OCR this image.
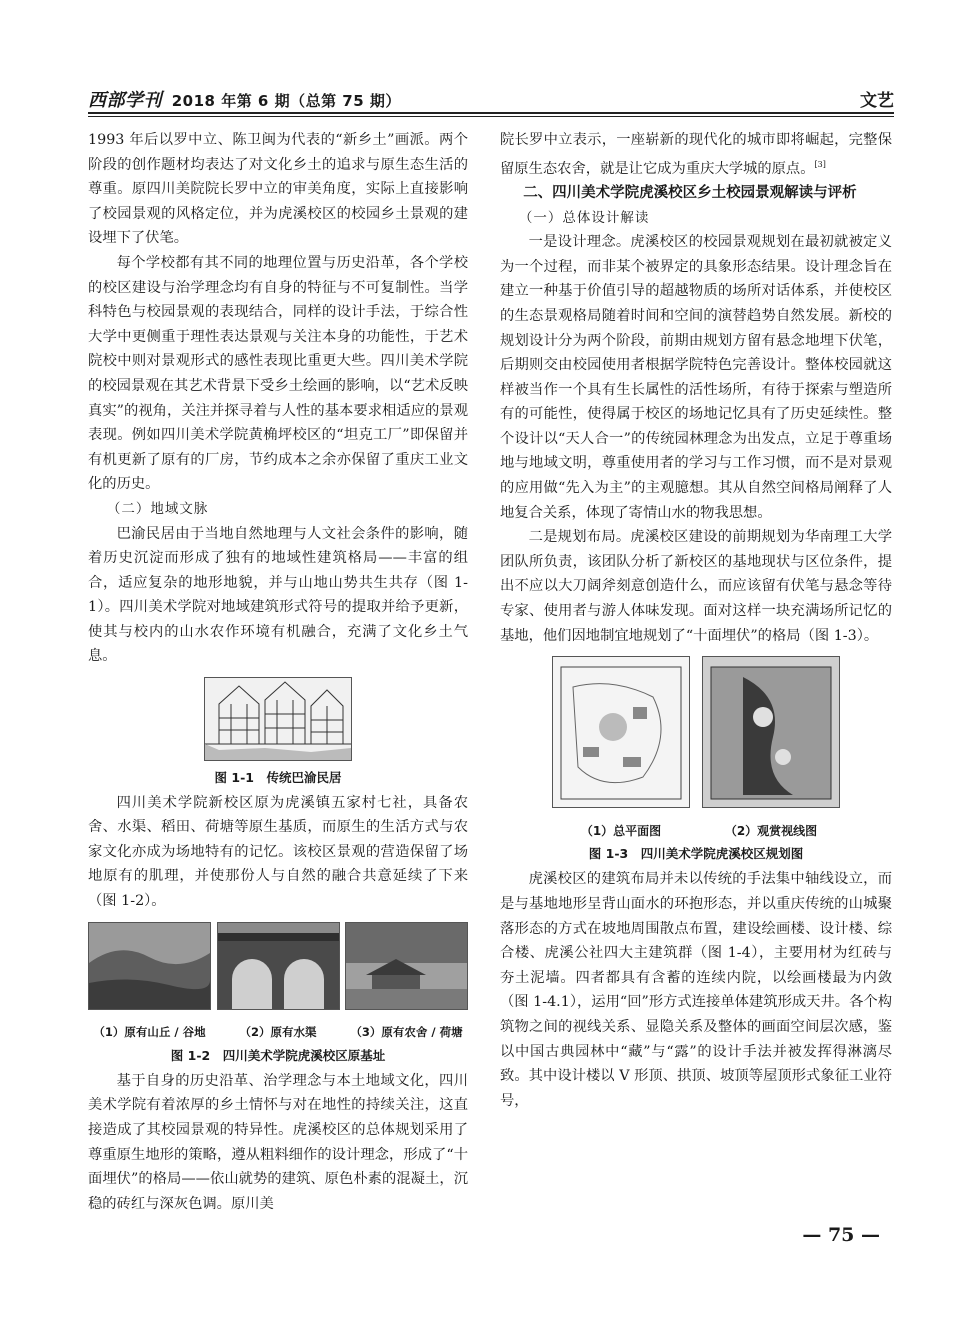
西部学刊 2018 年第 6 期（总第 75 期）	文艺

1993 年后以罗中立、陈卫闽为代表的“新乡土”画派。两个阶段的创作题材均表达了对文化乡土的追求与原生态生活的尊重。原四川美院院长罗中立的审美角度，实际上直接影响了校园景观的风格定位，并为虎溪校区的校园乡土景观的建设埋下了伏笔。

每个学校都有其不同的地理位置与历史沿革，各个学校的校区建设与治学理念均有自身的特征与不可复制性。当学科特色与校园景观的表现结合，同样的设计手法，于综合性大学中更侧重于理性表达景观与关注本身的功能性，于艺术院校中则对景观形式的感性表现比重更大些。四川美术学院的校园景观在其艺术背景下受乡土绘画的影响，以“艺术反映真实”的视角，关注并探寻着与人性的基本要求相适应的景观表现。例如四川美术学院黄桷坪校区的“坦克工厂”即保留并有机更新了原有的厂房，节约成本之余亦保留了重庆工业文化的历史。

（二）地域文脉

巴渝民居由于当地自然地理与人文社会条件的影响，随着历史沉淀而形成了独有的地域性建筑格局——丰富的组合，适应复杂的地形地貌，并与山地山势共生共存（图 1-1）。四川美术学院对地域建筑形式符号的提取并给予更新，使其与校内的山水农作环境有机融合，充满了文化乡土气息。

图 1-1　传统巴渝民居

四川美术学院新校区原为虎溪镇五家村七社，具备农舍、水渠、稻田、荷塘等原生基质，而原生的生活方式与农家文化亦成为场地特有的记忆。该校区景观的营造保留了场地原有的肌理，并使那份人与自然的融合共意延续了下来（图 1-2）。

（1）原有山丘 / 谷地	（2）原有水渠	（3）原有农舍 / 荷塘
图 1-2　四川美术学院虎溪校区原基址

基于自身的历史沿革、治学理念与本土地域文化，四川美术学院有着浓厚的乡土情怀与对在地性的持续关注，这直接造成了其校园景观的特异性。虎溪校区的总体规划采用了尊重原生地形的策略，遵从粗料细作的设计理念，形成了“十面埋伏”的格局——依山就势的建筑、原色朴素的混凝土，沉稳的砖红与深灰色调。原川美

院长罗中立表示，一座崭新的现代化的城市即将崛起，完整保留原生态农舍，就是让它成为重庆大学城的原点。[3]

二、四川美术学院虎溪校区乡土校园景观解读与评析
（一）总体设计解读

一是设计理念。虎溪校区的校园景观规划在最初就被定义为一个过程，而非某个被界定的具象形态结果。设计理念旨在建立一种基于价值引导的超越物质的场所对话体系，并使校区的生态景观格局随着时间和空间的演替趋势自然发展。新校的规划设计分为两个阶段，前期由规划方留有悬念地埋下伏笔，后期则交由校园使用者根据学院特色完善设计。整体校园就这样被当作一个具有生长属性的活性场所，有待于探索与塑造所有的可能性，使得属于校区的场地记忆具有了历史延续性。整个设计以“天人合一”的传统园林理念为出发点，立足于尊重场地与地域文明，尊重使用者的学习与工作习惯，而不是对景观的应用做“先入为主”的主观臆想。其从自然空间格局阐释了人地复合关系，体现了寄情山水的物我思想。

二是规划布局。虎溪校区建设的前期规划为华南理工大学团队所负责，该团队分析了新校区的基地现状与区位条件，提出不应以大刀阔斧刻意创造什么，而应该留有伏笔与悬念等待专家、使用者与游人体味发现。面对这样一块充满场所记忆的基地，他们因地制宜地规划了“十面埋伏”的格局（图 1-3）。

（1）总平面图	（2）观赏视线图
图 1-3　四川美术学院虎溪校区规划图

虎溪校区的建筑布局并未以传统的手法集中轴线设立，而是与基地地形呈背山面水的环抱形态，并以重庆传统的山城聚落形态的方式在坡地周围散点布置，建设绘画楼、设计楼、综合楼、虎溪公社四大主建筑群（图 1-4），主要用材为红砖与夯土泥墙。四者都具有含蓄的连续内院，以绘画楼最为内敛（图 1-4.1），运用“回”形方式连接单体建筑形成天井。各个构筑物之间的视线关系、显隐关系及整体的画面空间层次感，鉴以中国古典园林中“藏”与“露”的设计手法并被发挥得淋漓尽致。其中设计楼以 V 形顶、拱顶、坡顶等屋顶形式象征工业符号，

— 75 —
